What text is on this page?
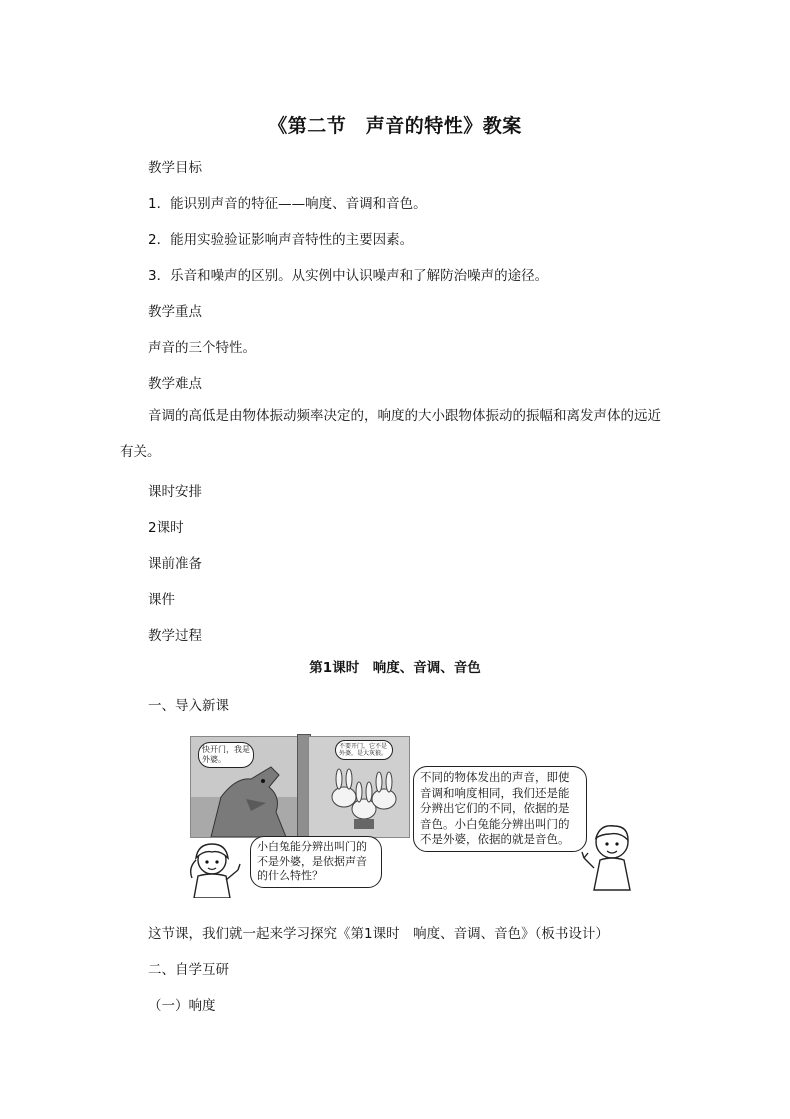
《第二节　声音的特性》教案
教学目标
1．能识别声音的特征——响度、音调和音色。
2．能用实验验证影响声音特性的主要因素。
3．乐音和噪声的区别。从实例中认识噪声和了解防治噪声的途径。
教学重点
声音的三个特性。
教学难点
音调的高低是由物体振动频率决定的，响度的大小跟物体振动的振幅和离发声体的远近有关。
课时安排
2课时
课前准备
课件
教学过程
第1课时　响度、音调、音色
一、导入新课
快开门，我是外婆。
不要开门，它不是外婆，是大灰狼。
不同的物体发出的声音，即使音调和响度相同，我们还是能分辨出它们的不同，依据的是音色。小白兔能分辨出叫门的不是外婆，依据的就是音色。
小白兔能分辨出叫门的不是外婆，是依据声音的什么特性？
这节课，我们就一起来学习探究《第1课时　响度、音调、音色》（板书设计）
二、自学互研
（一）响度
